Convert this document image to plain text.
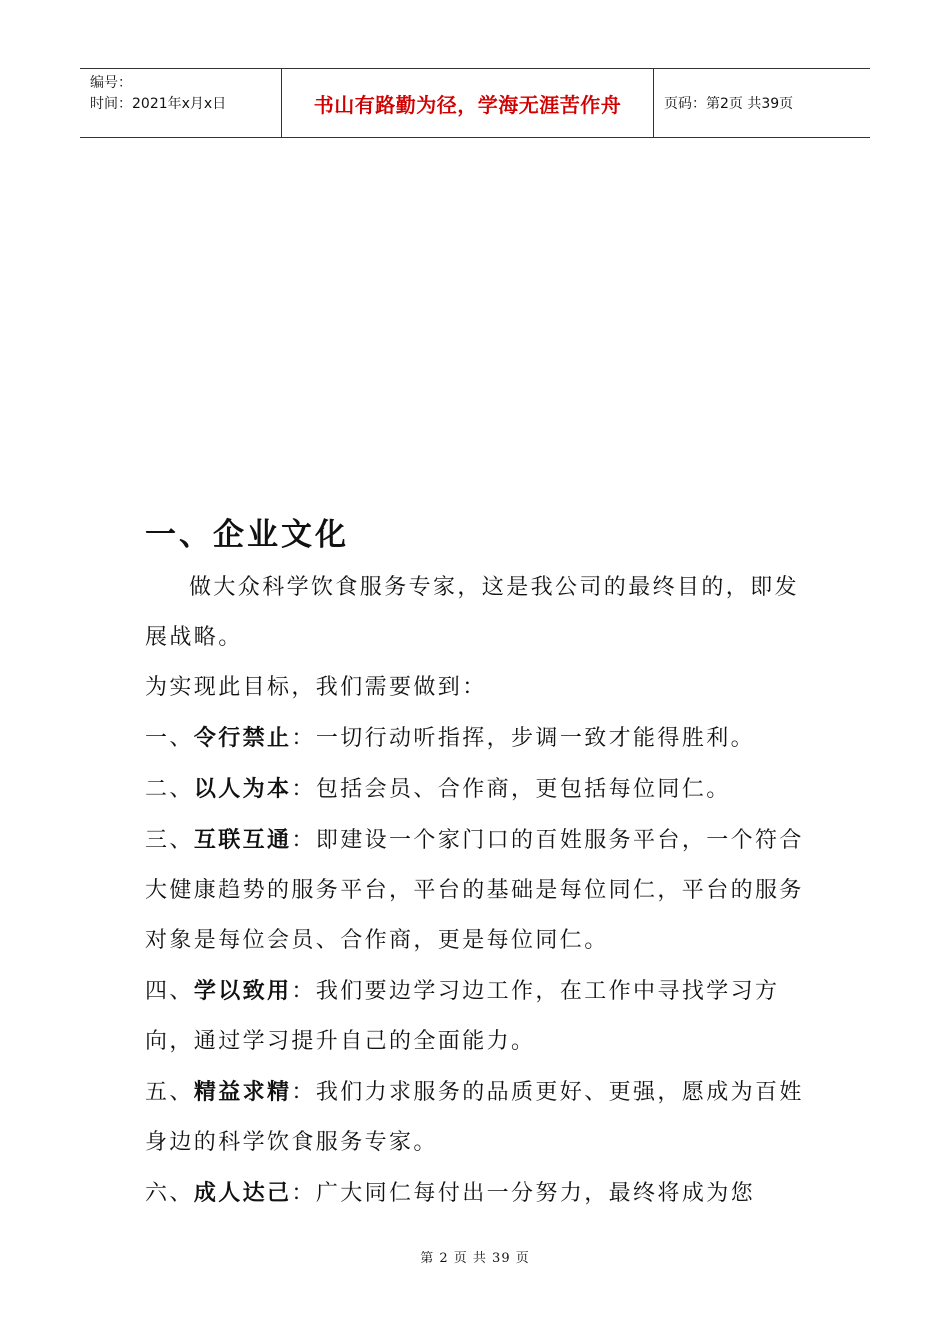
编号：
时间：2021年x月x日	书山有路勤为径，学海无涯苦作舟	页码：第2页 共39页
一、企业文化

做大众科学饮食服务专家，这是我公司的最终目的，即发展战略。

为实现此目标，我们需要做到：

一、令行禁止：一切行动听指挥，步调一致才能得胜利。

二、以人为本：包括会员、合作商，更包括每位同仁。

三、互联互通：即建设一个家门口的百姓服务平台，一个符合大健康趋势的服务平台，平台的基础是每位同仁，平台的服务对象是每位会员、合作商，更是每位同仁。

四、学以致用：我们要边学习边工作，在工作中寻找学习方向，通过学习提升自己的全面能力。

五、精益求精：我们力求服务的品质更好、更强，愿成为百姓身边的科学饮食服务专家。

六、成人达己：广大同仁每付出一分努力，最终将成为您

第 2 页 共 39 页
